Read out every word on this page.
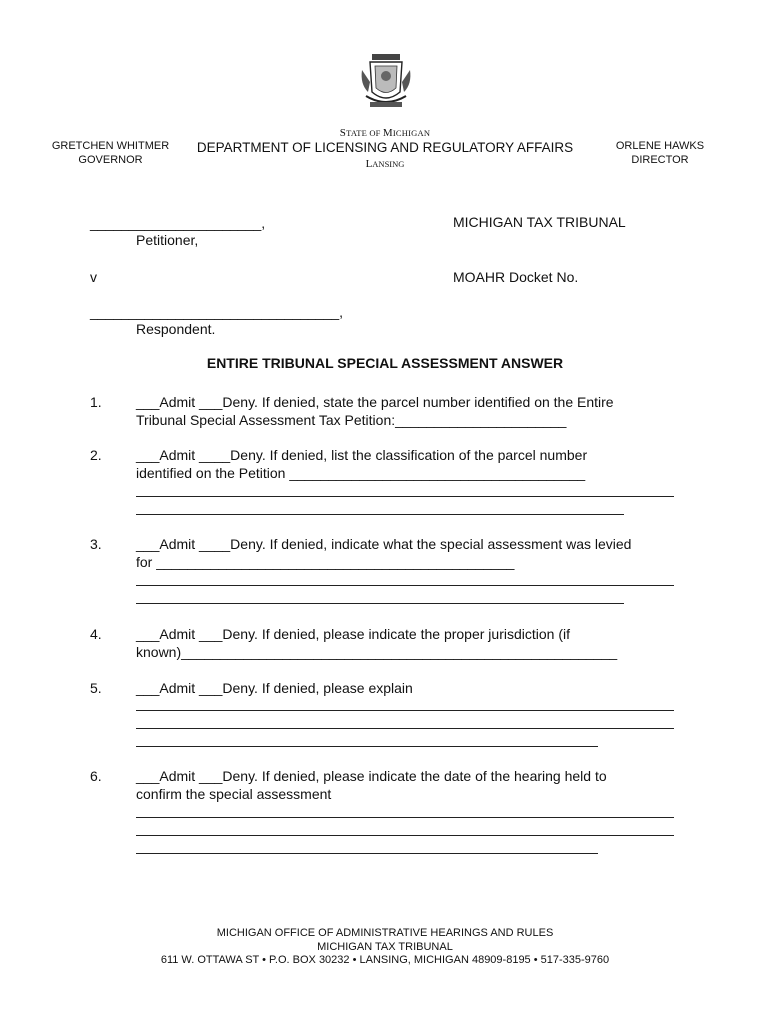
STATE OF MICHIGAN
DEPARTMENT OF LICENSING AND REGULATORY AFFAIRS
LANSING
GRETCHEN WHITMER
GOVERNOR
ORLENE HAWKS
DIRECTOR
______________________,
Petitioner,
v
________________________________,
Respondent.
MICHIGAN TAX TRIBUNAL
MOAHR Docket No.
ENTIRE TRIBUNAL SPECIAL ASSESSMENT ANSWER
1.	___Admit ___Deny. If denied, state the parcel number identified on the Entire
Tribunal Special Assessment Tax Petition:______________________
2.	___Admit ____Deny. If denied, list the classification of the parcel number
identified on the Petition ______________________________________
3.	___Admit ____Deny. If denied, indicate what the special assessment was levied
for ______________________________________________
4.	___Admit ___Deny. If denied, please indicate the proper jurisdiction (if
known)________________________________________________________
5.	___Admit ___Deny. If denied, please explain
6.	___Admit ___Deny. If denied, please indicate the date of the hearing held to
confirm the special assessment
MICHIGAN OFFICE OF ADMINISTRATIVE HEARINGS AND RULES
MICHIGAN TAX TRIBUNAL
611 W. OTTAWA ST • P.O. BOX 30232 • LANSING, MICHIGAN 48909-8195 • 517-335-9760
